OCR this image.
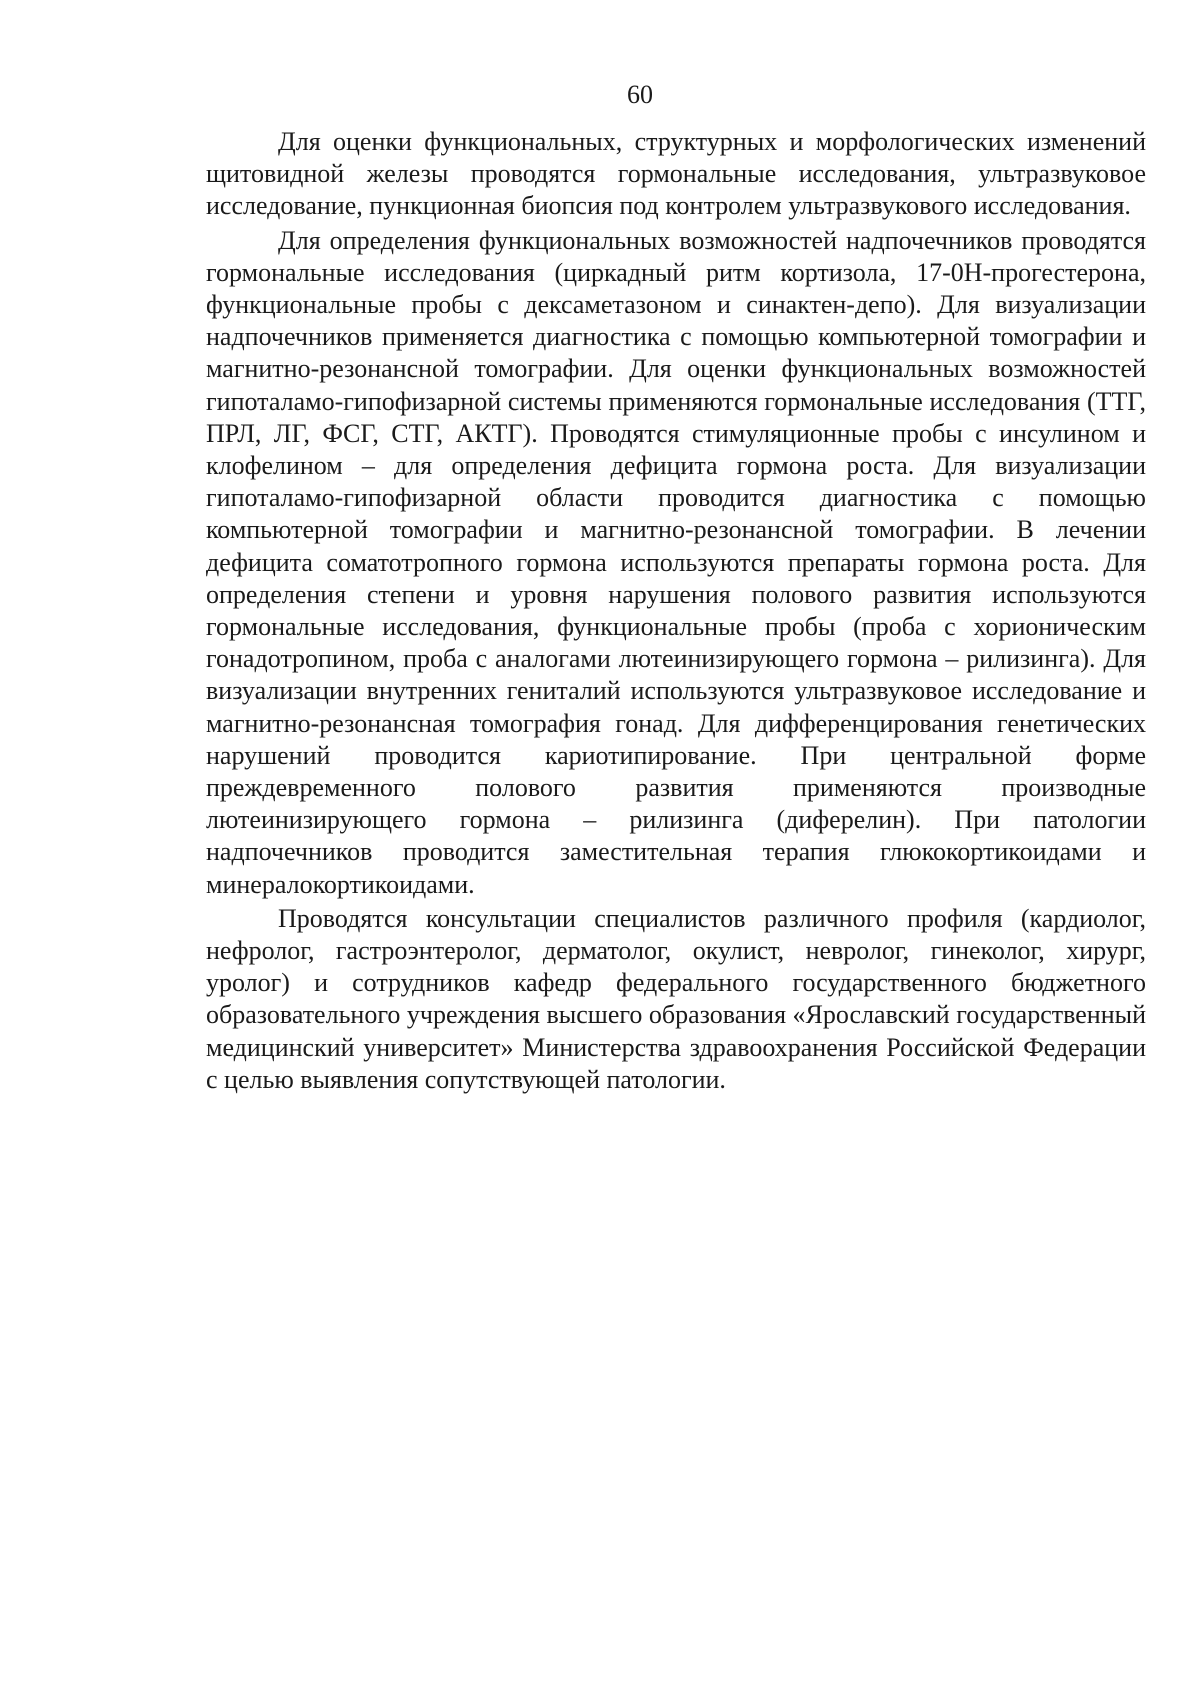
60

Для оценки функциональных, структурных и морфологических изменений щитовидной железы проводятся гормональные исследования, ультразвуковое исследование, пункционная биопсия под контролем ультразвукового исследования.

Для определения функциональных возможностей надпочечников проводятся гормональные исследования (циркадный ритм кортизола, 17-0Н-прогестерона, функциональные пробы с дексаметазоном и синактен-депо). Для визуализации надпочечников применяется диагностика с помощью компьютерной томографии и магнитно-резонансной томографии. Для оценки функциональных возможностей гипоталамо-гипофизарной системы применяются гормональные исследования (ТТГ, ПРЛ, ЛГ, ФСГ, СТГ, АКТГ). Проводятся стимуляционные пробы с инсулином и клофелином – для определения дефицита гормона роста. Для визуализации гипоталамо-гипофизарной области проводится диагностика с помощью компьютерной томографии и магнитно-резонансной томографии. В лечении дефицита соматотропного гормона используются препараты гормона роста. Для определения степени и уровня нарушения полового развития используются гормональные исследования, функциональные пробы (проба с хорионическим гонадотропином, проба с аналогами лютеинизирующего гормона – рилизинга). Для визуализации внутренних гениталий используются ультразвуковое исследование и магнитно-резонансная томография гонад. Для дифференцирования генетических нарушений проводится кариотипирование. При центральной форме преждевременного полового развития применяются производные лютеинизирующего гормона – рилизинга (диферелин). При патологии надпочечников проводится заместительная терапия глюкокортикоидами и минералокортикоидами.

Проводятся консультации специалистов различного профиля (кардиолог, нефролог, гастроэнтеролог, дерматолог, окулист, невролог, гинеколог, хирург, уролог) и сотрудников кафедр федерального государственного бюджетного образовательного учреждения высшего образования «Ярославский государственный медицинский университет» Министерства здравоохранения Российской Федерации с целью выявления сопутствующей патологии.
